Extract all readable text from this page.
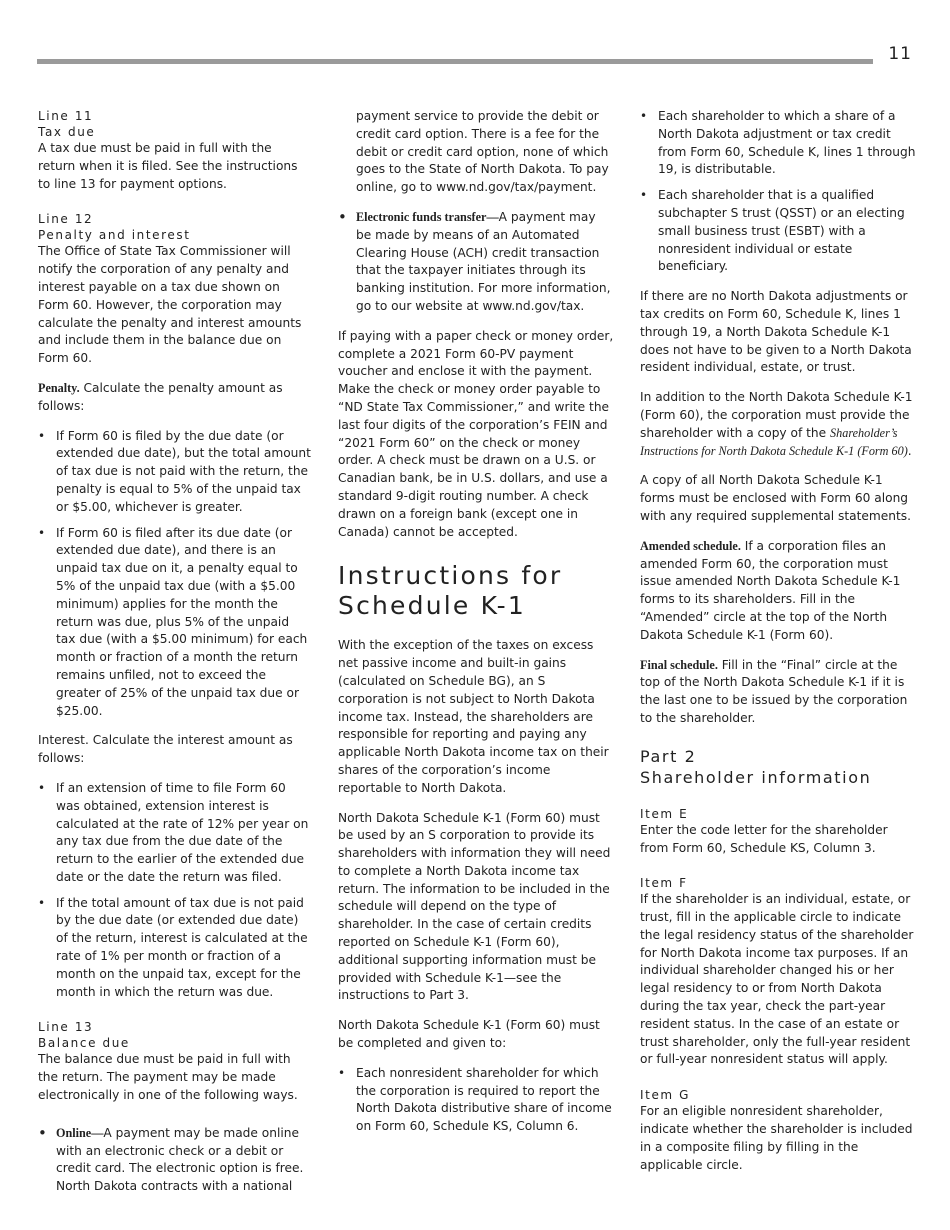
11
Line 11
Tax due

A tax due must be paid in full with the return when it is filed. See the instructions to line 13 for payment options.

Line 12
Penalty and interest

The Office of State Tax Commissioner will notify the corporation of any penalty and interest payable on a tax due shown on Form 60. However, the corporation may calculate the penalty and interest amounts and include them in the balance due on Form 60.

Penalty. Calculate the penalty amount as follows:

• If Form 60 is filed by the due date (or extended due date), but the total amount of tax due is not paid with the return, the penalty is equal to 5% of the unpaid tax or $5.00, whichever is greater.
• If Form 60 is filed after its due date (or extended due date), and there is an unpaid tax due on it, a penalty equal to 5% of the unpaid tax due (with a $5.00 minimum) applies for the month the return was due, plus 5% of the unpaid tax due (with a $5.00 minimum) for each month or fraction of a month the return remains unfiled, not to exceed the greater of 25% of the unpaid tax due or $25.00.

Interest. Calculate the interest amount as follows:

• If an extension of time to file Form 60 was obtained, extension interest is calculated at the rate of 12% per year on any tax due from the due date of the return to the earlier of the extended due date or the date the return was filed.
• If the total amount of tax due is not paid by the due date (or extended due date) of the return, interest is calculated at the rate of 1% per month or fraction of a month on the unpaid tax, except for the month in which the return was due.
Line 13
Balance due

The balance due must be paid in full with the return. The payment may be made electronically in one of the following ways.

• Online—A payment may be made online with an electronic check or a debit or credit card. The electronic option is free. North Dakota contracts with a national

payment service to provide the debit or credit card option. There is a fee for the debit or credit card option, none of which goes to the State of North Dakota. To pay online, go to www.nd.gov/tax/payment.

• Electronic funds transfer—A payment may be made by means of an Automated Clearing House (ACH) credit transaction that the taxpayer initiates through its banking institution. For more information, go to our website at www.nd.gov/tax.

If paying with a paper check or money order, complete a 2021 Form 60-PV payment voucher and enclose it with the payment. Make the check or money order payable to “ND State Tax Commissioner,” and write the last four digits of the corporation’s FEIN and “2021 Form 60” on the check or money order. A check must be drawn on a U.S. or Canadian bank, be in U.S. dollars, and use a standard 9-digit routing number. A check drawn on a foreign bank (except one in Canada) cannot be accepted.

Instructions for
Schedule K-1

With the exception of the taxes on excess net passive income and built-in gains (calculated on Schedule BG), an S corporation is not subject to North Dakota income tax. Instead, the shareholders are responsible for reporting and paying any applicable North Dakota income tax on their shares of the corporation’s income reportable to North Dakota.

North Dakota Schedule K-1 (Form 60) must be used by an S corporation to provide its shareholders with information they will need to complete a North Dakota income tax return. The information to be included in the schedule will depend on the type of shareholder. In the case of certain credits reported on Schedule K-1 (Form 60), additional supporting information must be provided with Schedule K-1—see the instructions to Part 3.

North Dakota Schedule K-1 (Form 60) must be completed and given to:

• Each nonresident shareholder for which the corporation is required to report the North Dakota distributive share of income on Form 60, Schedule KS, Column 6.
• Each shareholder to which a share of a North Dakota adjustment or tax credit from Form 60, Schedule K, lines 1 through 19, is distributable.
• Each shareholder that is a qualified subchapter S trust (QSST) or an electing small business trust (ESBT) with a nonresident individual or estate beneficiary.

If there are no North Dakota adjustments or tax credits on Form 60, Schedule K, lines 1 through 19, a North Dakota Schedule K-1 does not have to be given to a North Dakota resident individual, estate, or trust.

In addition to the North Dakota Schedule K-1 (Form 60), the corporation must provide the shareholder with a copy of the Shareholder’s Instructions for North Dakota Schedule K-1 (Form 60).

A copy of all North Dakota Schedule K-1 forms must be enclosed with Form 60 along with any required supplemental statements.

Amended schedule. If a corporation files an amended Form 60, the corporation must issue amended North Dakota Schedule K-1 forms to its shareholders. Fill in the “Amended” circle at the top of the North Dakota Schedule K-1 (Form 60).

Final schedule. Fill in the “Final” circle at the top of the North Dakota Schedule K-1 if it is the last one to be issued by the corporation to the shareholder.

Part 2
Shareholder information
Item E

Enter the code letter for the shareholder from Form 60, Schedule KS, Column 3.

Item F

If the shareholder is an individual, estate, or trust, fill in the applicable circle to indicate the legal residency status of the shareholder for North Dakota income tax purposes. If an individual shareholder changed his or her legal residency to or from North Dakota during the tax year, check the part-year resident status. In the case of an estate or trust shareholder, only the full-year resident or full-year nonresident status will apply.

Item G

For an eligible nonresident shareholder, indicate whether the shareholder is included in a composite filing by filling in the applicable circle.
